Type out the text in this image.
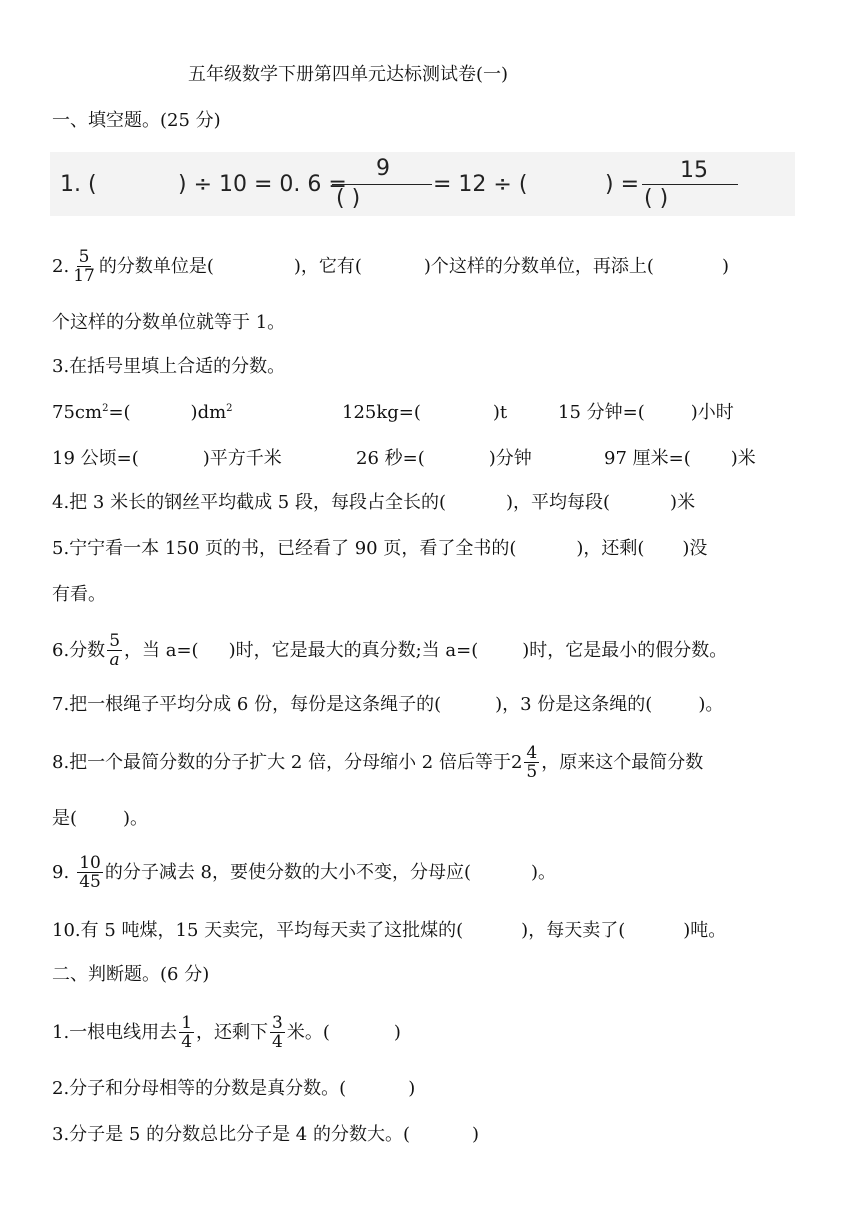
五年级数学下册第四单元达标测试卷(一)
一、填空题。(25 分)
1. (	) ÷ 10 = 0. 6 =
9
( )
= 12 ÷ (	) =
15
( )
2. $\frac{5}{17}$ 的分数单位是(	)，它有(	)个这样的分数单位，再添上(	)
个这样的分数单位就等于 1。
3.在括号里填上合适的分数。
$75cm^2=$(	)$dm^2$	125kg=(	)t	15 分钟=(	)小时
19 公顷=(	)平方千米	26 秒=(	)分钟	97 厘米=( )米
4.把 3 米长的钢丝平均截成 5 段，每段占全长的(	)，平均每段(	)米
5.宁宁看一本 150 页的书，已经看了 90 页，看了全书的(	)，还剩( )没
有看。
6.分数 $\frac{5}{a}$ ，当 a=( )时，它是最大的真分数;当 a=( )时，它是最小的假分数。
7.把一根绳子平均分成 6 份，每份是这条绳子的(	)，3 份是这条绳的(	)。
8.把一个最简分数的分子扩大 2 倍，分母缩小 2 倍后等于 $2 \frac{4}{5}$ ，原来这个最简分数
是(	)。
9. $\frac{10}{45}$ 的分子减去 8，要使分数的大小不变，分母应(	)。
10.有 5 吨煤，15 天卖完，平均每天卖了这批煤的(	)，每天卖了(	)吨。
二、判断题。(6 分)
1.一根电线用去 $\frac{1}{4}$ ，还剩下 $\frac{3}{4}$ 米。(	)
2.分子和分母相等的分数是真分数。(	)
3.分子是 5 的分数总比分子是 4 的分数大。(	)
